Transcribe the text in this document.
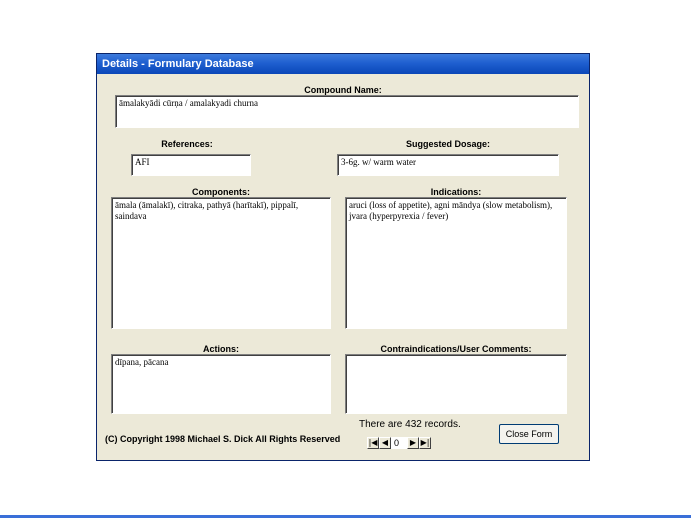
Details - Formulary Database
Compound Name:
āmalakyādi cūrṇa / amalakyadi churna
References:
AFI
Suggested Dosage:
3-6g. w/ warm water
Components:
āmala (āmalakī), citraka, pathyā (harītakī), pippalī, saindava
Indications:
aruci (loss of appetite), agni māndya (slow metabolism), jvara (hyperpyrexia / fever)
Actions:
dīpana, pācana
Contraindications/User Comments:
(C) Copyright 1998 Michael S. Dick All Rights Reserved
There are 432 records.
|◀ ◀ 0	▶ ▶|
Close Form
